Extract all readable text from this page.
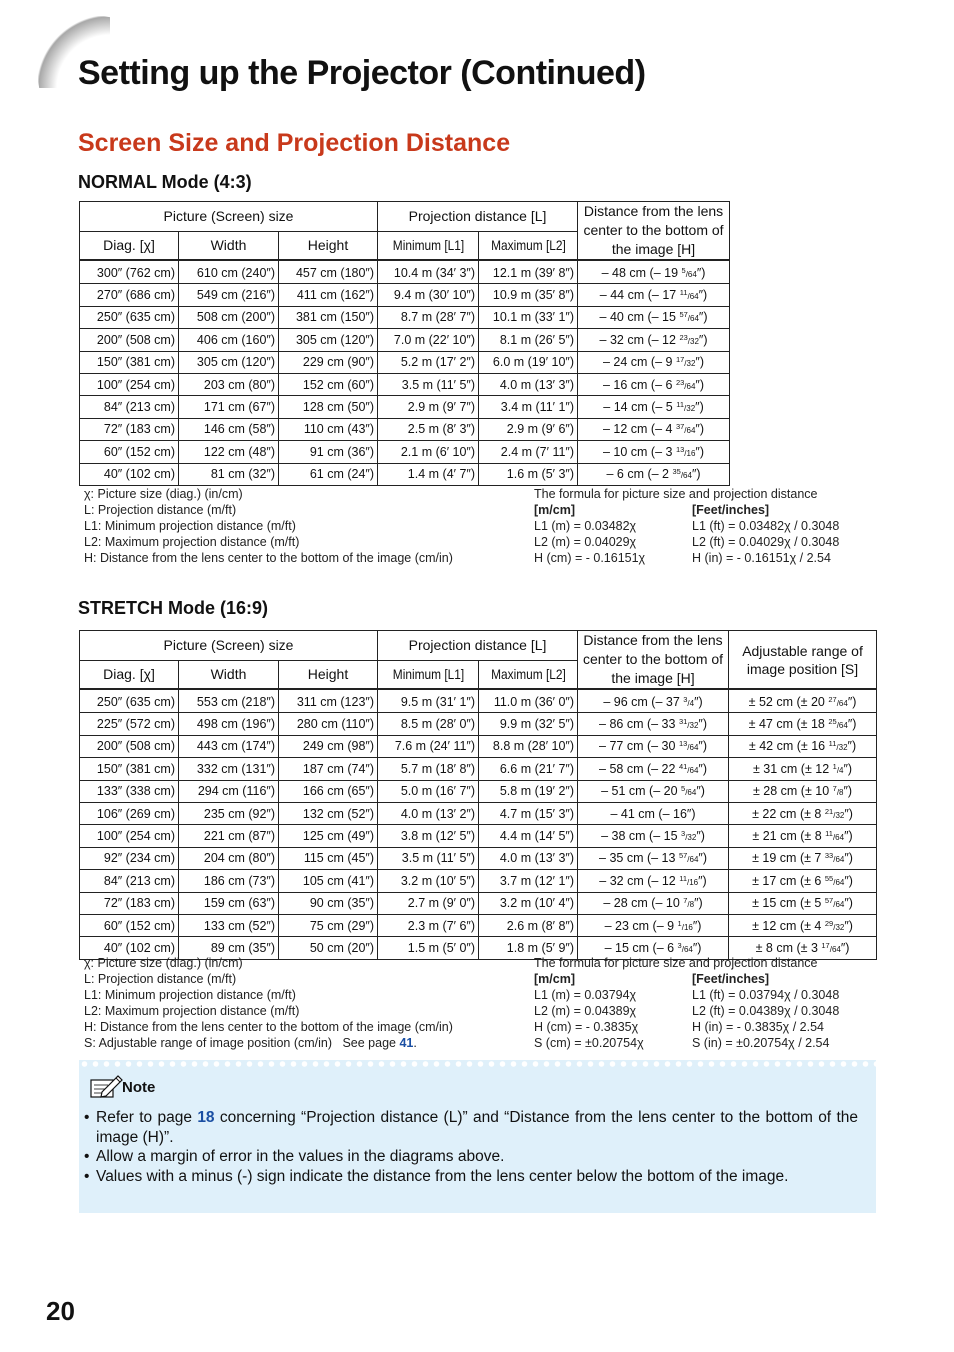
Setting up the Projector (Continued)
Screen Size and Projection Distance
NORMAL Mode (4:3)
Picture (Screen) size			Projection distance [L]		Distance from the lens center to the bottom of the image [H]
Diag. [χ]	Width	Height	Minimum [L1]	Maximum [L2]	
300″ (762 cm)	610 cm (240″)	457 cm (180″)	10.4 m (34′ 3″)	12.1 m (39′ 8″)	– 48 cm (– 19 $^5$/64″)
270″ (686 cm)	549 cm (216″)	411 cm (162″)	9.4 m (30′ 10″)	10.9 m (35′ 8″)	– 44 cm (– 17 $^{11}$/64″)
250″ (635 cm)	508 cm (200″)	381 cm (150″)	8.7 m (28′ 7″)	10.1 m (33′ 1″)	– 40 cm (– 15 $^{57}$/64″)
200″ (508 cm)	406 cm (160″)	305 cm (120″)	7.0 m (22′ 10″)	8.1 m (26′ 5″)	– 32 cm (– 12 $^{23}$/32″)
150″ (381 cm)	305 cm (120″)	229 cm (90″)	5.2 m (17′ 2″)	6.0 m (19′ 10″)	– 24 cm (– 9 $^{17}$/32″)
100″ (254 cm)	203 cm (80″)	152 cm (60″)	3.5 m (11′ 5″)	4.0 m (13′ 3″)	– 16 cm (– 6 $^{23}$/64″)
84″ (213 cm)	171 cm (67″)	128 cm (50″)	2.9 m (9′ 7″)	3.4 m (11′ 1″)	– 14 cm (– 5 $^{11}$/32″)
72″ (183 cm)	146 cm (58″)	110 cm (43″)	2.5 m (8′ 3″)	2.9 m (9′ 6″)	– 12 cm (– 4 $^{37}$/64″)
60″ (152 cm)	122 cm (48″)	91 cm (36″)	2.1 m (6′ 10″)	2.4 m (7′ 11″)	– 10 cm (– 3 $^{13}$/16″)
40″ (102 cm)	81 cm (32″)	61 cm (24″)	1.4 m (4′ 7″)	1.6 m (5′ 3″)	– 6 cm (– 2 $^{35}$/64″)
χ: Picture size (diag.) (in/cm)
L: Projection distance (m/ft)
L1: Minimum projection distance (m/ft)
L2: Maximum projection distance (m/ft)
H: Distance from the lens center to the bottom of the image (cm/in)
The formula for picture size and projection distance
[m/cm]	[Feet/inches]
L1 (m) = 0.03482χ	L1 (ft) = 0.03482χ / 0.3048
L2 (m) = 0.04029χ	L2 (ft) = 0.04029χ / 0.3048
H (cm) = - 0.16151χ	H (in) = - 0.16151χ / 2.54
STRETCH Mode (16:9)
Picture (Screen) size			Projection distance [L]		Distance from the lens center to the bottom of the image [H]	Adjustable range of image position [S]
Diag. [χ]	Width	Height	Minimum [L1]	Maximum [L2]		
250″ (635 cm)	553 cm (218″)	311 cm (123″)	9.5 m (31′ 1″)	11.0 m (36′ 0″)	– 96 cm (– 37 $^3$/4″)	± 52 cm (± 20 $^{27}$/64″)
225″ (572 cm)	498 cm (196″)	280 cm (110″)	8.5 m (28′ 0″)	9.9 m (32′ 5″)	– 86 cm (– 33 $^{31}$/32″)	± 47 cm (± 18 $^{25}$/64″)
200″ (508 cm)	443 cm (174″)	249 cm (98″)	7.6 m (24′ 11″)	8.8 m (28′ 10″)	– 77 cm (– 30 $^{13}$/64″)	± 42 cm (± 16 $^{11}$/32″)
150″ (381 cm)	332 cm (131″)	187 cm (74″)	5.7 m (18′ 8″)	6.6 m (21′ 7″)	– 58 cm (– 22 $^{41}$/64″)	± 31 cm (± 12 $^1$/4″)
133″ (338 cm)	294 cm (116″)	166 cm (65″)	5.0 m (16′ 7″)	5.8 m (19′ 2″)	– 51 cm (– 20 $^5$/64″)	± 28 cm (± 10 $^7$/8″)
106″ (269 cm)	235 cm (92″)	132 cm (52″)	4.0 m (13′ 2″)	4.7 m (15′ 3″)	– 41 cm (– 16″)	± 22 cm (± 8 $^{21}$/32″)
100″ (254 cm)	221 cm (87″)	125 cm (49″)	3.8 m (12′ 5″)	4.4 m (14′ 5″)	– 38 cm (– 15 $^3$/32″)	± 21 cm (± 8 $^{11}$/64″)
92″ (234 cm)	204 cm (80″)	115 cm (45″)	3.5 m (11′ 5″)	4.0 m (13′ 3″)	– 35 cm (– 13 $^{57}$/64″)	± 19 cm (± 7 $^{33}$/64″)
84″ (213 cm)	186 cm (73″)	105 cm (41″)	3.2 m (10′ 5″)	3.7 m (12′ 1″)	– 32 cm (– 12 $^{11}$/16″)	± 17 cm (± 6 $^{55}$/64″)
72″ (183 cm)	159 cm (63″)	90 cm (35″)	2.7 m (9′ 0″)	3.2 m (10′ 4″)	– 28 cm (– 10 $^7$/8″)	± 15 cm (± 5 $^{57}$/64″)
60″ (152 cm)	133 cm (52″)	75 cm (29″)	2.3 m (7′ 6″)	2.6 m (8′ 8″)	– 23 cm (– 9 $^1$/16″)	± 12 cm (± 4 $^{29}$/32″)
40″ (102 cm)	89 cm (35″)	50 cm (20″)	1.5 m (5′ 0″)	1.8 m (5′ 9″)	– 15 cm (– 6 $^3$/64″)	± 8 cm (± 3 $^{17}$/64″)
χ: Picture size (diag.) (in/cm)
L: Projection distance (m/ft)
L1: Minimum projection distance (m/ft)
L2: Maximum projection distance (m/ft)
H: Distance from the lens center to the bottom of the image (cm/in)
S: Adjustable range of image position (cm/in)   See page 41.
The formula for picture size and projection distance
[m/cm]	[Feet/inches]
L1 (m) = 0.03794χ	L1 (ft) = 0.03794χ / 0.3048
L2 (m) = 0.04389χ	L2 (ft) = 0.04389χ / 0.3048
H (cm) = - 0.3835χ	H (in) = - 0.3835χ / 2.54
S (cm) = ±0.20754χ	S (in) = ±0.20754χ / 2.54
Note
• Refer to page 18 concerning “Projection distance (L)” and “Distance from the lens center to the bottom of the image (H)”.
• Allow a margin of error in the values in the diagrams above.
• Values with a minus (-) sign indicate the distance from the lens center below the bottom of the image.
20
